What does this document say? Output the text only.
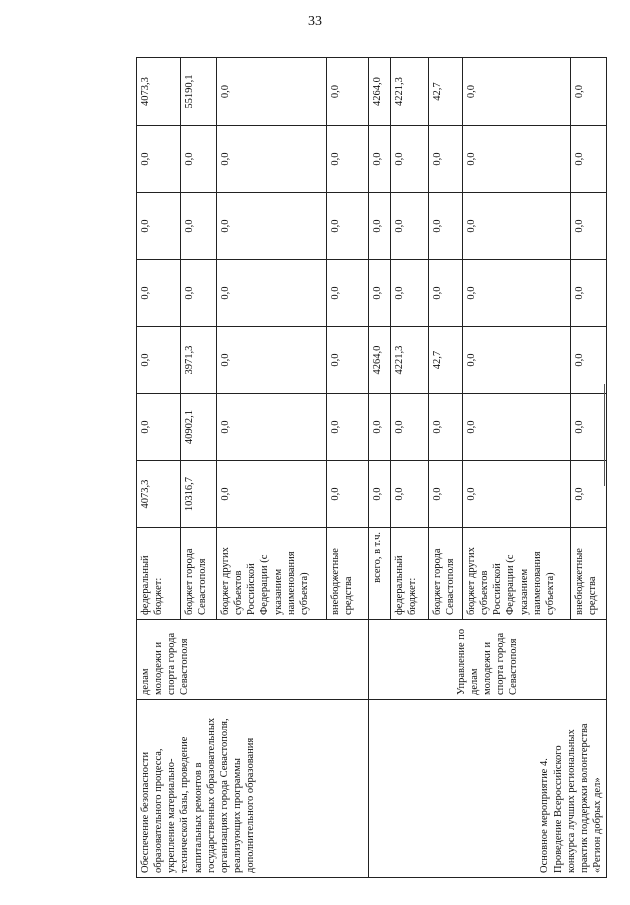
33
Обеспечение безопасности образовательного процесса, укрепление материально-технической базы, проведение капитальных ремонтов в государственных образовательных организациях города Севастополя, реализующих программы дополнительного образования	делам молодежи и спорта города Севастополя	федеральный бюджет:	4073,3	0,0	0,0	0,0	0,0	0,0	4073,3
		бюджет города Севастополя	10316,7	40902,1	3971,3	0,0	0,0	0,0	55190,1
		бюджет других субъектов Российской Федерации (с указанием наименования субъекта)	0,0	0,0	0,0	0,0	0,0	0,0	0,0
		внебюджетные средства	0,0	0,0	0,0	0,0	0,0	0,0	0,0
Основное мероприятие 4. Проведение Всероссийского конкурса лучших региональных практик поддержки волонтерства «Регион добрых дел»	Управление по делам молодежи и спорта города Севастополя	всего, в т.ч.	0,0	0,0	4264,0	0,0	0,0	0,0	4264,0
		федеральный бюджет:	0,0	0,0	4221,3	0,0	0,0	0,0	4221,3
		бюджет города Севастополя	0,0	0,0	42,7	0,0	0,0	0,0	42,7
		бюджет других субъектов Российской Федерации (с указанием наименования субъекта)	0,0	0,0	0,0	0,0	0,0	0,0	0,0
		внебюджетные средства	0,0	0,0	0,0	0,0	0,0	0,0	0,0
